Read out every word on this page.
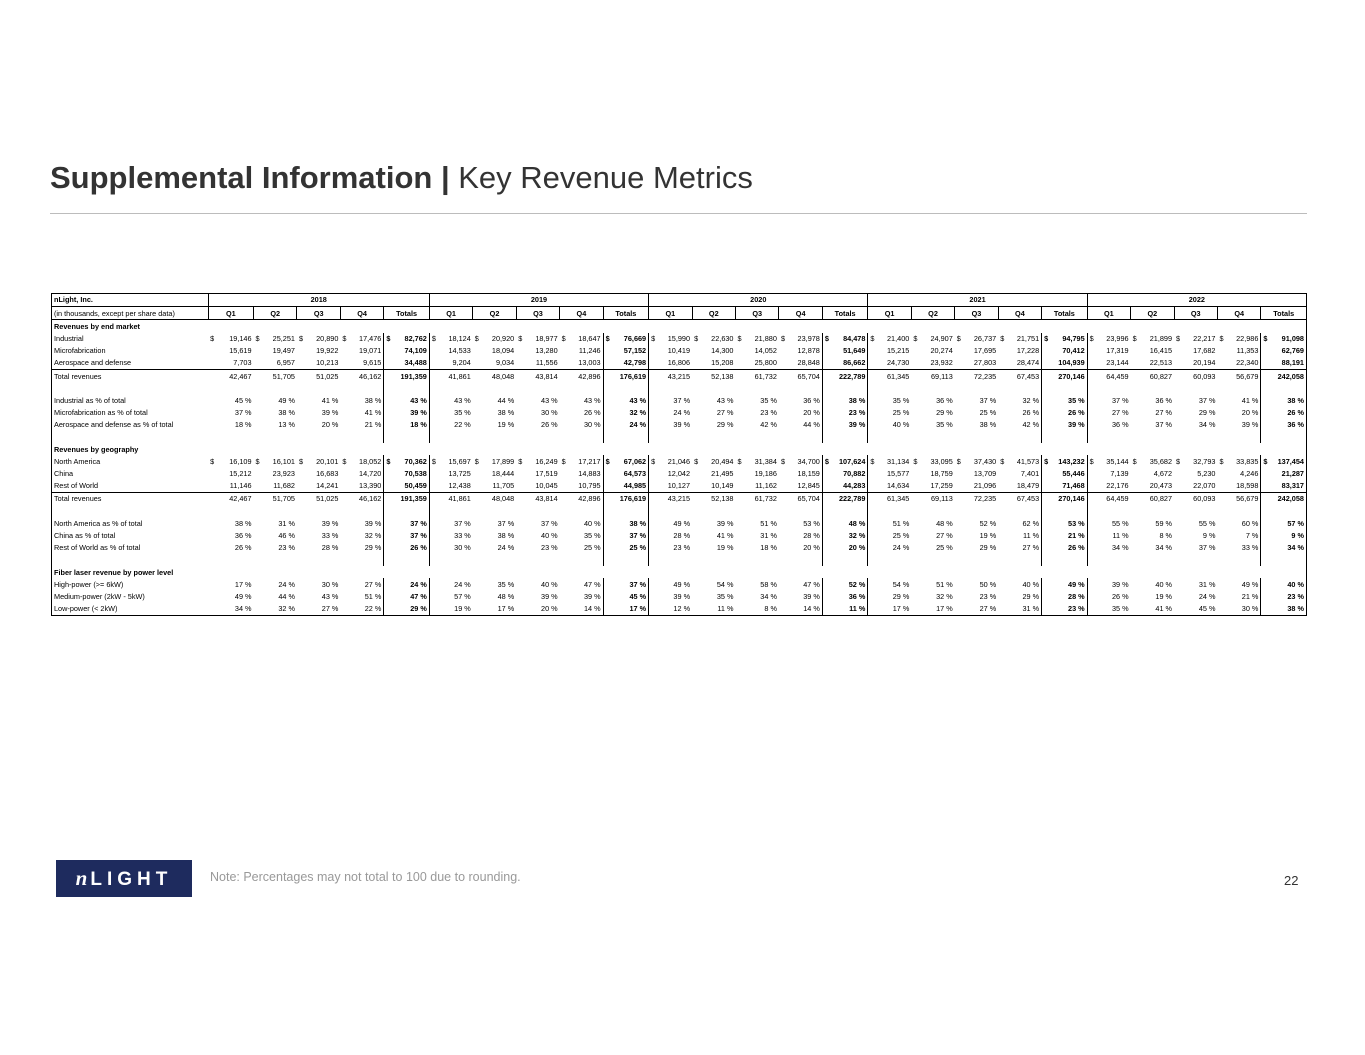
Supplemental Information | Key Revenue Metrics
nLight, Inc.	2018					2019					2020					2021					2022				
(in thousands, except per share data)	Q1	Q2	Q3	Q4	Totals	Q1	Q2	Q3	Q4	Totals	Q1	Q2	Q3	Q4	Totals	Q1	Q2	Q3	Q4	Totals	Q1	Q2	Q3	Q4	Totals
Revenues by end market																									
Industrial	$ 19,146	$ 25,251	$ 20,890	$ 17,476	$ 82,762	$ 18,124	$ 20,920	$ 18,977	$ 18,647	$ 76,669	$ 15,990	$ 22,630	$ 21,880	$ 23,978	$ 84,478	$ 21,400	$ 24,907	$ 26,737	$ 21,751	$ 94,795	$ 23,996	$ 21,899	$ 22,217	$ 22,986	$ 91,098
Microfabrication	15,619	19,497	19,922	19,071	74,109	14,533	18,094	13,280	11,246	57,152	10,419	14,300	14,052	12,878	51,649	15,215	20,274	17,695	17,228	70,412	17,319	16,415	17,682	11,353	62,769
Aerospace and defense	7,703	6,957	10,213	9,615	34,488	9,204	9,034	11,556	13,003	42,798	16,806	15,208	25,800	28,848	86,662	24,730	23,932	27,803	28,474	104,939	23,144	22,513	20,194	22,340	88,191
Total revenues	42,467	51,705	51,025	46,162	191,359	41,861	48,048	43,814	42,896	176,619	43,215	52,138	61,732	65,704	222,789	61,345	69,113	72,235	67,453	270,146	64,459	60,827	60,093	56,679	242,058

Industrial as % of total	45 %	49 %	41 %	38 %	43 %	43 %	44 %	43 %	43 %	43 %	37 %	43 %	35 %	36 %	38 %	35 %	36 %	37 %	32 %	35 %	37 %	36 %	37 %	41 %	38 %
Microfabrication as % of total	37 %	38 %	39 %	41 %	39 %	35 %	38 %	30 %	26 %	32 %	24 %	27 %	23 %	20 %	23 %	25 %	29 %	25 %	26 %	26 %	27 %	27 %	29 %	20 %	26 %
Aerospace and defense as % of total	18 %	13 %	20 %	21 %	18 %	22 %	19 %	26 %	30 %	24 %	39 %	29 %	42 %	44 %	39 %	40 %	35 %	38 %	42 %	39 %	36 %	37 %	34 %	39 %	36 %

Revenues by geography																									
North America	$ 16,109	$ 16,101	$ 20,101	$ 18,052	$ 70,362	$ 15,697	$ 17,899	$ 16,249	$ 17,217	$ 67,062	$ 21,046	$ 20,494	$ 31,384	$ 34,700	$ 107,624	$ 31,134	$ 33,095	$ 37,430	$ 41,573	$ 143,232	$ 35,144	$ 35,682	$ 32,793	$ 33,835	$ 137,454
China	15,212	23,923	16,683	14,720	70,538	13,725	18,444	17,519	14,883	64,573	12,042	21,495	19,186	18,159	70,882	15,577	18,759	13,709	7,401	55,446	7,139	4,672	5,230	4,246	21,287
Rest of World	11,146	11,682	14,241	13,390	50,459	12,438	11,705	10,045	10,795	44,985	10,127	10,149	11,162	12,845	44,283	14,634	17,259	21,096	18,479	71,468	22,176	20,473	22,070	18,598	83,317
Total revenues	42,467	51,705	51,025	46,162	191,359	41,861	48,048	43,814	42,896	176,619	43,215	52,138	61,732	65,704	222,789	61,345	69,113	72,235	67,453	270,146	64,459	60,827	60,093	56,679	242,058

North America as % of total	38 %	31 %	39 %	39 %	37 %	37 %	37 %	37 %	40 %	38 %	49 %	39 %	51 %	53 %	48 %	51 %	48 %	52 %	62 %	53 %	55 %	59 %	55 %	60 %	57 %
China as % of total	36 %	46 %	33 %	32 %	37 %	33 %	38 %	40 %	35 %	37 %	28 %	41 %	31 %	28 %	32 %	25 %	27 %	19 %	11 %	21 %	11 %	8 %	9 %	7 %	9 %
Rest of World as % of total	26 %	23 %	28 %	29 %	26 %	30 %	24 %	23 %	25 %	25 %	23 %	19 %	18 %	20 %	20 %	24 %	25 %	29 %	27 %	26 %	34 %	34 %	37 %	33 %	34 %

Fiber laser revenue by power level																									
High-power (>= 6kW)	17 %	24 %	30 %	27 %	24 %	24 %	35 %	40 %	47 %	37 %	49 %	54 %	58 %	47 %	52 %	54 %	51 %	50 %	40 %	49 %	39 %	40 %	31 %	49 %	40 %
Medium-power (2kW - 5kW)	49 %	44 %	43 %	51 %	47 %	57 %	48 %	39 %	39 %	45 %	39 %	35 %	34 %	39 %	36 %	29 %	32 %	23 %	29 %	28 %	26 %	19 %	24 %	21 %	23 %
Low-power (< 2kW)	34 %	32 %	27 %	22 %	29 %	19 %	17 %	20 %	14 %	17 %	12 %	11 %	8 %	14 %	11 %	17 %	17 %	27 %	31 %	23 %	35 %	41 %	45 %	30 %	38 %
nLIGHT	Note: Percentages may not total to 100 due to rounding.	22
